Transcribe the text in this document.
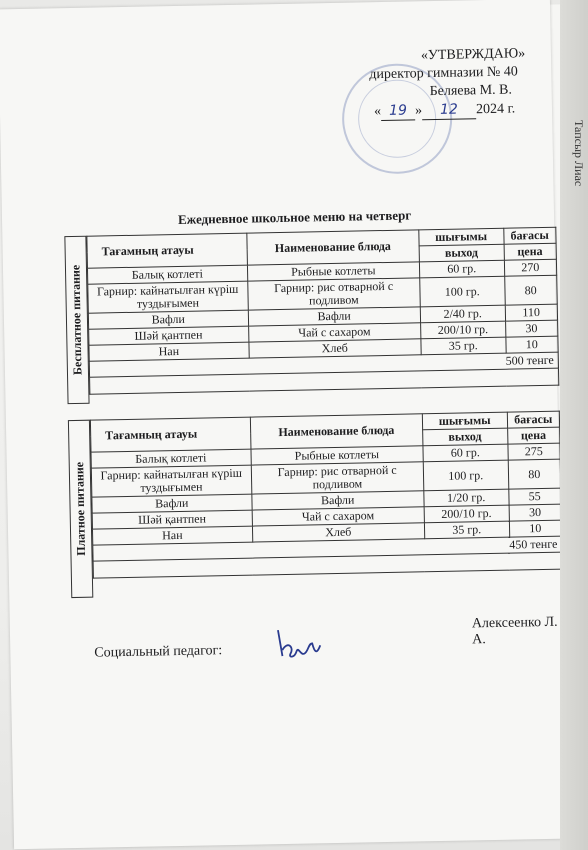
«УТВЕРЖДАЮ»
директор гимназии № 40
Беляева М. В.
« 19 » 12 2024 г.
Ежедневное школьное меню на четверг
Бесплатное питание
Тағамның атауы	Наименование блюда	шығымы	бағасы
		выход	цена
Балық котлеті	Рыбные котлеты	60 гр.	270
Гарнир: кайнатылған күріш туздығымен	Гарнир: рис отварной с подливом	100 гр.	80
Вафли	Вафли	2/40 гр.	110
Шәй қантпен	Чай с сахаром	200/10 гр.	30
Нан	Хлеб	35 гр.	10
500 тенге			

Платное питание
Тағамның атауы	Наименование блюда	шығымы	бағасы
		выход	цена
Балық котлеті	Рыбные котлеты	60 гр.	275
Гарнир: кайнатылған күріш туздығымен	Гарнир: рис отварной с подливом	100 гр.	80
Вафли	Вафли	1/20 гр.	55
Шәй қантпен	Чай с сахаром	200/10 гр.	30
Нан	Хлеб	35 гр.	10
450 тенге			

Алексеенко Л. А.
Социальный педагог:
Тапсыр Лиас
